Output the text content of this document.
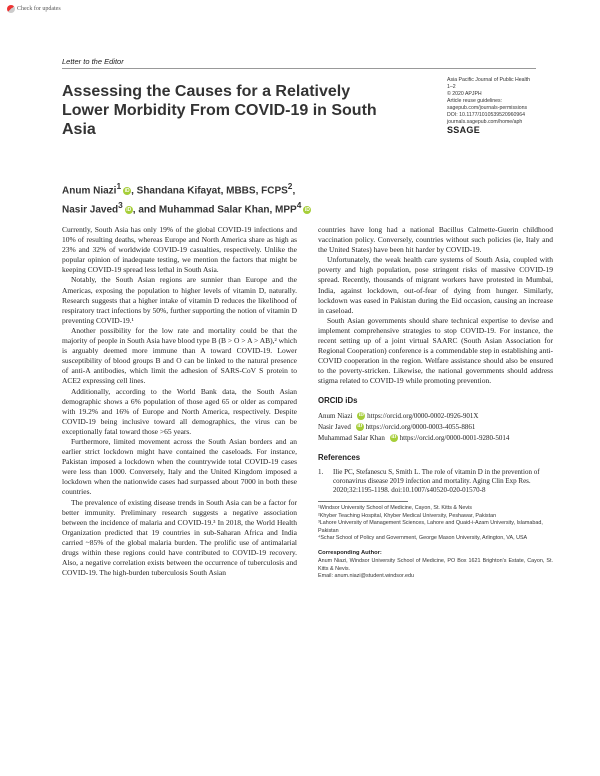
Check for updates
Letter to the Editor
Assessing the Causes for a Relatively Lower Morbidity From COVID-19 in South Asia
Asia Pacific Journal of Public Health
1–2
© 2020 APJPH
Article reuse guidelines:
sagepub.com/journals-permissions
DOI: 10.1177/1010539520960964
journals.sagepub.com/home/aph
SSAGE
Anum Niazi$^1$ iD , Shandana Kifayat, MBBS, FCPS$^2$,
Nasir Javed$^3$ iD , and Muhammad Salar Khan, MPP$^4$ iD

Currently, South Asia has only 19% of the global COVID-19 infections and 10% of resulting deaths, whereas Europe and North America share as high as 23% and 32% of worldwide COVID-19 casualties, respectively. Unlike the popular opinion of inadequate testing, we mention the factors that might be keeping COVID-19 spread less lethal in South Asia.

Notably, the South Asian regions are sunnier than Europe and the Americas, exposing the population to higher levels of vitamin D, naturally. Research suggests that a higher intake of vitamin D reduces the likelihood of respiratory tract infections by 50%, further supporting the notion of vitamin D preventing COVID-19.¹

Another possibility for the low rate and mortality could be that the majority of people in South Asia have blood type B (B > O > A > AB),² which is arguably deemed more immune than A toward COVID-19. Lower susceptibility of blood groups B and O can be linked to the natural presence of anti-A antibodies, which limit the adhesion of SARS-CoV S protein to ACE2 expressing cell lines.

Additionally, according to the World Bank data, the South Asian demographic shows a 6% population of those aged 65 or older as compared with 19.2% and 16% of Europe and North America, respectively. Despite COVID-19 being inclusive toward all demographics, the virus can be exceptionally fatal toward those >65 years.

Furthermore, limited movement across the South Asian borders and an earlier strict lockdown might have contained the caseloads. For instance, Pakistan imposed a lockdown when the countrywide total COVID-19 cases were less than 1000. Conversely, Italy and the United Kingdom imposed a lockdown when the nationwide cases had surpassed about 7000 in both these countries.

The prevalence of existing disease trends in South Asia can be a factor for better immunity. Preliminary research suggests a negative association between the incidence of malaria and COVID-19.³ In 2018, the World Health Organization predicted that 19 countries in sub-Saharan Africa and India carried ~85% of the global malaria burden. The prolific use of antimalarial drugs within these regions could have contributed to COVID-19 recovery. Also, a negative correlation exists between the occurrence of tuberculosis and COVID-19. The high-burden tuberculosis South Asian

countries have long had a national Bacillus Calmette-Guerin childhood vaccination policy. Conversely, countries without such policies (ie, Italy and the United States) have been hit harder by COVID-19.

Unfortunately, the weak health care systems of South Asia, coupled with poverty and high population, pose stringent risks of massive COVID-19 spread. Recently, thousands of migrant workers have protested in Mumbai, India, against lockdown, out-of-fear of dying from hunger. Similarly, lockdown was eased in Pakistan during the Eid occasion, causing an increase in caseload.

South Asian governments should share technical expertise to devise and implement comprehensive strategies to stop COVID-19. For instance, the recent setting up of a joint virtual SAARC (South Asian Association for Regional Cooperation) conference is a commendable step in establishing anti-COVID cooperation in the region. Welfare assistance should also be ensured to the poverty-stricken. Likewise, the national governments should address stigma related to COVID-19 while promoting prevention.

ORCID iDs
Anum Niazi	iD
https://orcid.org/0000-0002-0926-901X
Nasir Javed	iD
https://orcid.org/0000-0003-4055-8861
Muhammad Salar Khan	iD
https://orcid.org/0000-0001-9280-5014
References
1.	Ilie PC, Stefanescu S, Smith L. The role of vitamin D in the prevention of coronavirus disease 2019 infection and mortality. Aging Clin Exp Res. 2020;32:1195-1198. doi:10.1007/s40520-020-01570-8
¹Windsor University School of Medicine, Cayon, St. Kitts & Nevis
²Khyber Teaching Hospital, Khyber Medical University, Peshawar, Pakistan
³Lahore University of Management Sciences, Lahore and Quaid-i-Azam University, Islamabad, Pakistan
⁴Schar School of Policy and Government, George Mason University, Arlington, VA, USA
Corresponding Author:
Anum Niazi, Windsor University School of Medicine, PO Box 1621 Brighton's Estate, Cayon, St. Kitts & Nevis.
Email: anum.niazi@student.windsor.edu
